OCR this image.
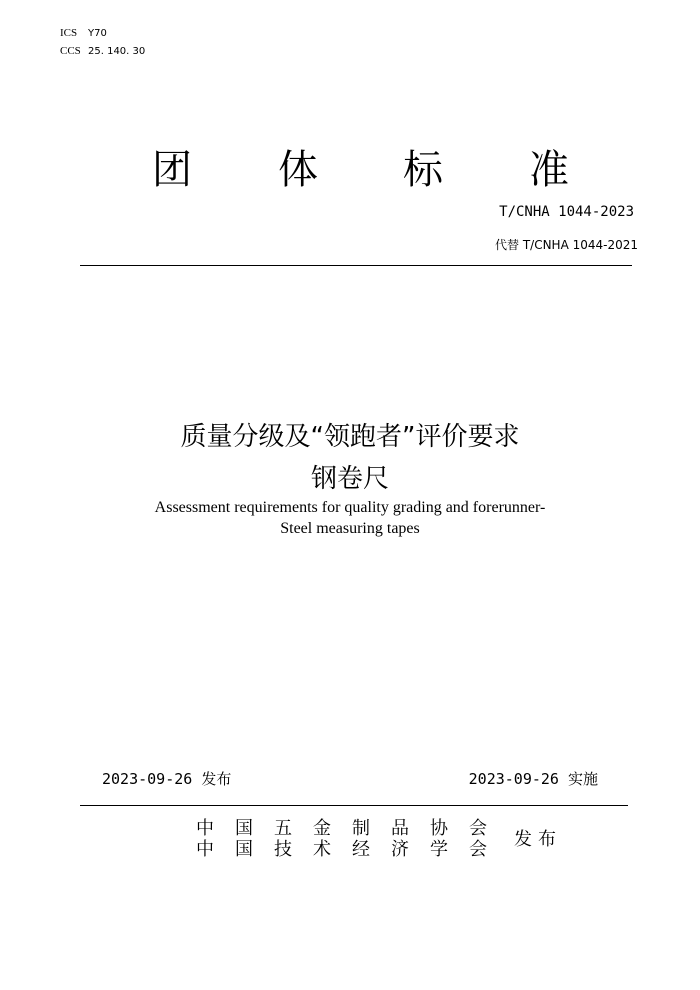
ICS Y70
CCS 25. 140. 30
团 体 标 准
T/CNHA 1044-2023
代替 T/CNHA 1044-2021
质量分级及“领跑者”评价要求
钢卷尺
Assessment requirements for quality grading and forerunner-
Steel measuring tapes
2023-09-26 发布	2023-09-26 实施
中 国 五 金 制 品 协 会
中 国 技 术 经 济 学 会	发 布
